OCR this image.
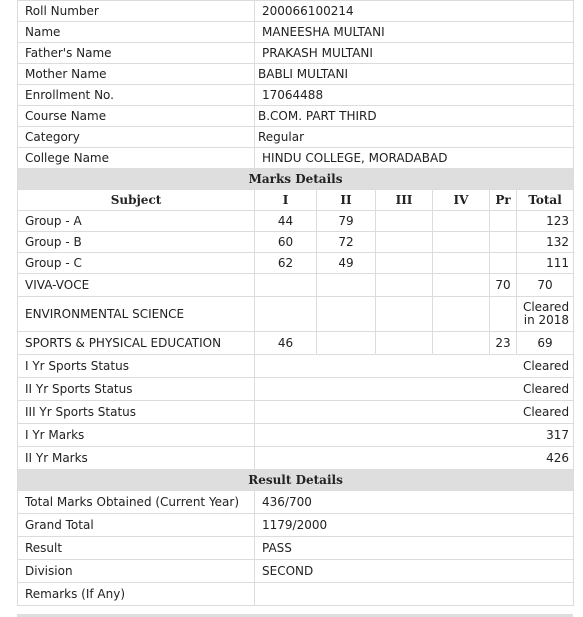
Roll Number	200066100214					
Name	MANEESHA MULTANI					
Father's Name	PRAKASH MULTANI					
Mother Name	BABLI MULTANI					
Enrollment No.	17064488					
Course Name	B.COM. PART THIRD					
Category	Regular					
College Name	HINDU COLLEGE, MORADABAD					
Marks Details						
Subject	I	II	III	IV	Pr	Total
Group - A	44	79				123
Group - B	60	72				132
Group - C	62	49				111
VIVA-VOCE					70	70
ENVIRONMENTAL SCIENCE						Cleared in 2018
SPORTS & PHYSICAL EDUCATION	46				23	69
I Yr Sports Status	Cleared					
II Yr Sports Status	Cleared					
III Yr Sports Status	Cleared					
I Yr Marks	317					
II Yr Marks	426					
Result Details						
Total Marks Obtained (Current Year)	436/700					
Grand Total	1179/2000					
Result	PASS					
Division	SECOND					
Remarks (If Any)						
